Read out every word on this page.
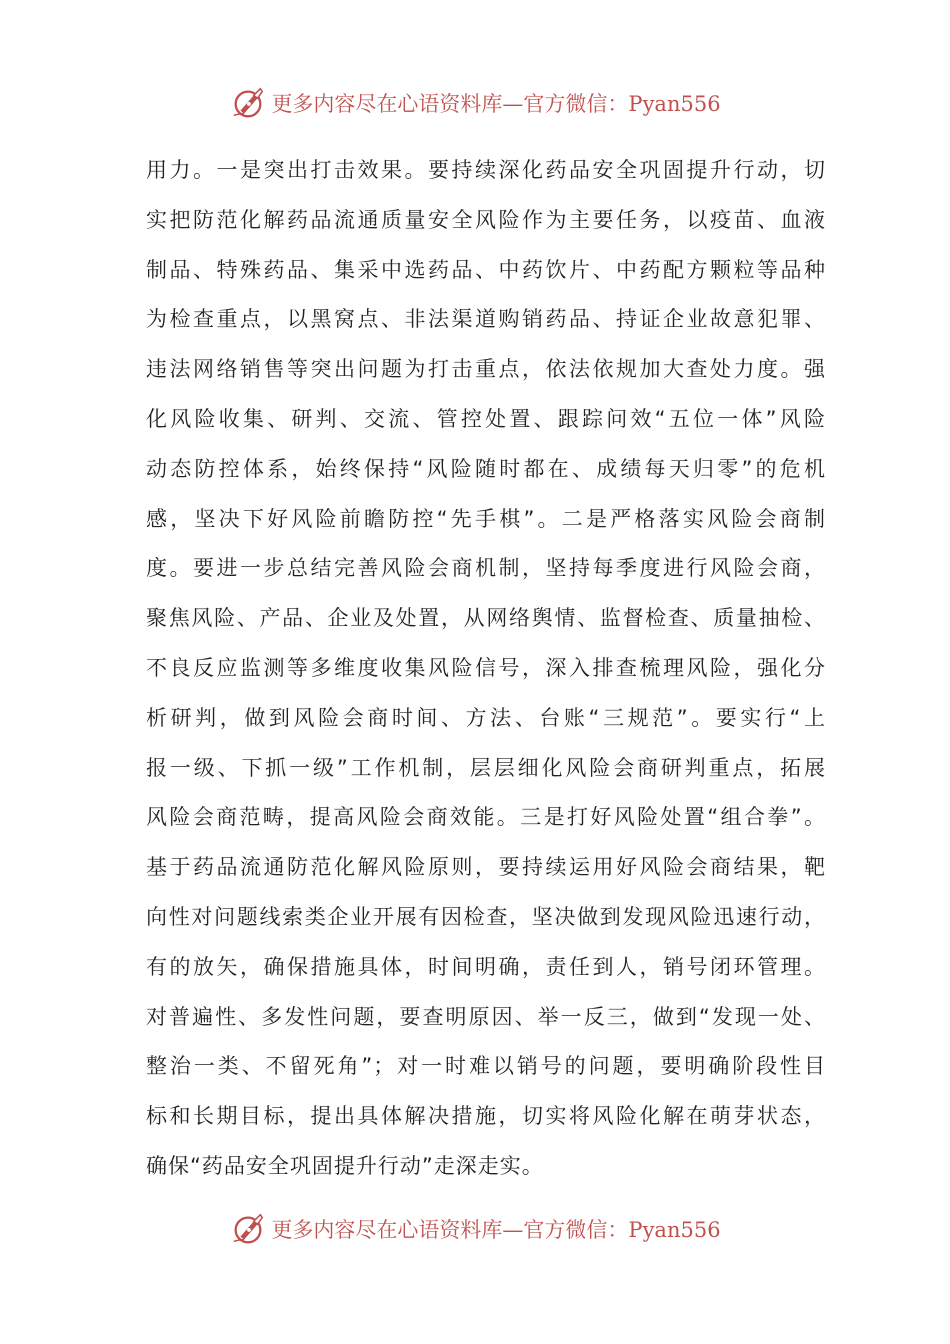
更多内容尽在心语资料库—官方微信：Pyan556
用力。一是突出打击效果。要持续深化药品安全巩固提升行动，切
实把防范化解药品流通质量安全风险作为主要任务，以疫苗、血液
制品、特殊药品、集采中选药品、中药饮片、中药配方颗粒等品种
为检查重点，以黑窝点、非法渠道购销药品、持证企业故意犯罪、
违法网络销售等突出问题为打击重点，依法依规加大查处力度。强
化风险收集、研判、交流、管控处置、跟踪问效“五位一体”风险
动态防控体系，始终保持“风险随时都在、成绩每天归零”的危机
感，坚决下好风险前瞻防控“先手棋”。二是严格落实风险会商制
度。要进一步总结完善风险会商机制，坚持每季度进行风险会商，
聚焦风险、产品、企业及处置，从网络舆情、监督检查、质量抽检、
不良反应监测等多维度收集风险信号，深入排查梳理风险，强化分
析研判，做到风险会商时间、方法、台账“三规范”。要实行“上
报一级、下抓一级”工作机制，层层细化风险会商研判重点，拓展
风险会商范畴，提高风险会商效能。三是打好风险处置“组合拳”。
基于药品流通防范化解风险原则，要持续运用好风险会商结果，靶
向性对问题线索类企业开展有因检查，坚决做到发现风险迅速行动，
有的放矢，确保措施具体，时间明确，责任到人，销号闭环管理。
对普遍性、多发性问题，要查明原因、举一反三，做到“发现一处、
整治一类、不留死角”；对一时难以销号的问题，要明确阶段性目
标和长期目标，提出具体解决措施，切实将风险化解在萌芽状态，
确保“药品安全巩固提升行动”走深走实。
更多内容尽在心语资料库—官方微信：Pyan556
